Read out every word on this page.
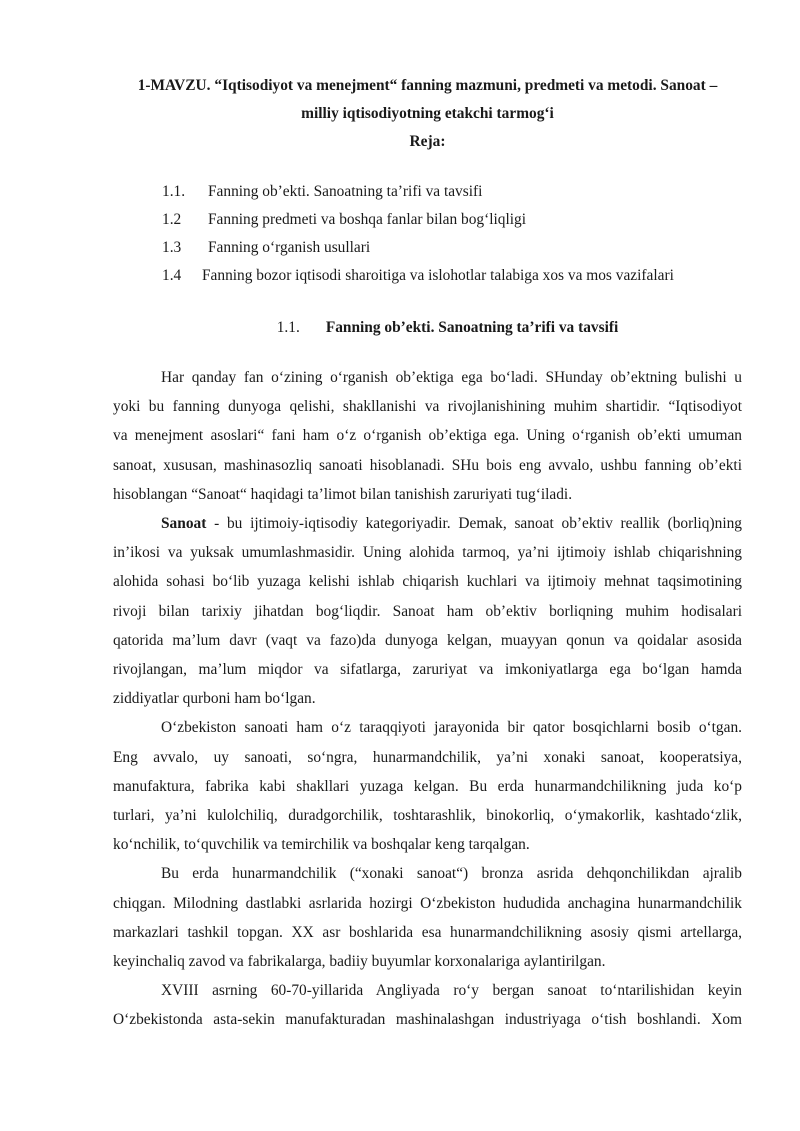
1-MAVZU. “Iqtisodiyot va menejment“ fanning mazmuni, predmeti va metodi. Sanoat –
milliy iqtisodiyotning etakchi tarmog‘i
Reja:
1.1.	Fanning ob’ekti. Sanoatning ta’rifi va tavsifi
1.2	Fanning predmeti va boshqa fanlar bilan bog‘liqligi
1.3	Fanning o‘rganish usullari
1.4	Fanning bozor iqtisodi sharoitiga va islohotlar talabiga xos va mos vazifalari
1.1. Fanning ob’ekti. Sanoatning ta’rifi va tavsifi

Har qanday fan o‘zining o‘rganish ob’ektiga ega bo‘ladi. SHunday ob’ektning bulishi u
yoki bu fanning dunyoga qelishi, shakllanishi va rivojlanishining muhim shartidir. “Iqtisodiyot
va menejment asoslari“ fani ham o‘z o‘rganish ob’ektiga ega. Uning o‘rganish ob’ekti umuman
sanoat, xususan, mashinasozliq sanoati hisoblanadi. SHu bois eng avvalo, ushbu fanning ob’ekti
hisoblangan “Sanoat“ haqidagi ta’limot bilan tanishish zaruriyati tug‘iladi.

Sanoat - bu ijtimoiy-iqtisodiy kategoriyadir. Demak, sanoat ob’ektiv reallik (borliq)ning
in’ikosi va yuksak umumlashmasidir. Uning alohida tarmoq, ya’ni ijtimoiy ishlab chiqarishning
alohida sohasi bo‘lib yuzaga kelishi ishlab chiqarish kuchlari va ijtimoiy mehnat taqsimotining
rivoji bilan tarixiy jihatdan bog‘liqdir. Sanoat ham ob’ektiv borliqning muhim hodisalari
qatorida ma’lum davr (vaqt va fazo)da dunyoga kelgan, muayyan qonun va qoidalar asosida
rivojlangan, ma’lum miqdor va sifatlarga, zaruriyat va imkoniyatlarga ega bo‘lgan hamda
ziddiyatlar qurboni ham bo‘lgan.

O‘zbekiston sanoati ham o‘z taraqqiyoti jarayonida bir qator bosqichlarni bosib o‘tgan.
Eng avvalo, uy sanoati, so‘ngra, hunarmandchilik, ya’ni xonaki sanoat, kooperatsiya,
manufaktura, fabrika kabi shakllari yuzaga kelgan. Bu erda hunarmandchilikning juda ko‘p
turlari, ya’ni kulolchiliq, duradgorchilik, toshtarashlik, binokorliq, o‘ymakorlik, kashtado‘zlik,
ko‘nchilik, to‘quvchilik va temirchilik va boshqalar keng tarqalgan.

Bu erda hunarmandchilik (“xonaki sanoat“) bronza asrida dehqonchilikdan ajralib
chiqgan. Milodning dastlabki asrlarida hozirgi O‘zbekiston hududida anchagina hunarmandchilik
markazlari tashkil topgan. XX asr boshlarida esa hunarmandchilikning asosiy qismi artellarga,
keyinchaliq zavod va fabrikalarga, badiiy buyumlar korxonalariga aylantirilgan.

XVIII asrning 60-70-yillarida Angliyada ro‘y bergan sanoat to‘ntarilishidan keyin
O‘zbekistonda asta-sekin manufakturadan mashinalashgan industriyaga o‘tish boshlandi. Xom
